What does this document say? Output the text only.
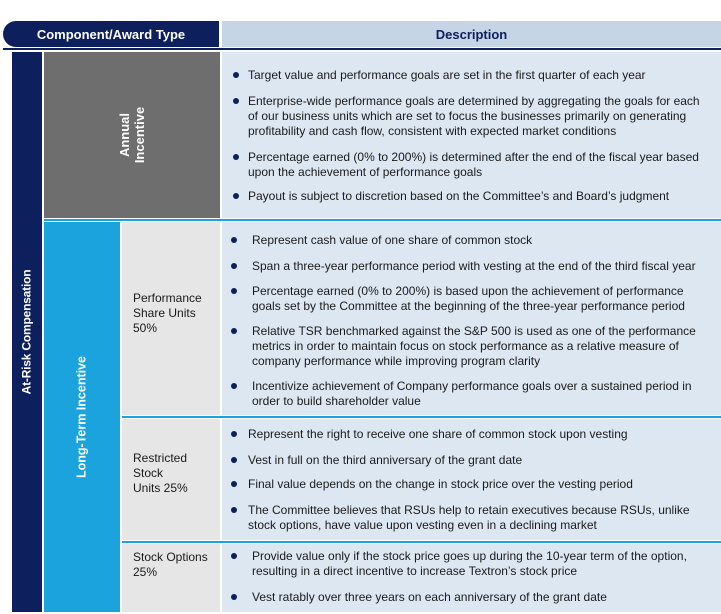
Component/Award Type	Description
At-Risk Compensation
Annual
Incentive
Long-Term Incentive
Performance
Share Units
50%
Restricted Stock
Units 25%
Stock Options
25%
Target value and performance goals are set in the first quarter of each year
Enterprise-wide performance goals are determined by aggregating the goals for each of our business units which are set to focus the businesses primarily on generating profitability and cash flow, consistent with expected market conditions
Percentage earned (0% to 200%) is determined after the end of the fiscal year based upon the achievement of performance goals
Payout is subject to discretion based on the Committee’s and Board’s judgment
Represent cash value of one share of common stock
Span a three-year performance period with vesting at the end of the third fiscal year
Percentage earned (0% to 200%) is based upon the achievement of performance goals set by the Committee at the beginning of the three-year performance period
Relative TSR benchmarked against the S&P 500 is used as one of the performance metrics in order to maintain focus on stock performance as a relative measure of company performance while improving program clarity
Incentivize achievement of Company performance goals over a sustained period in order to build shareholder value
Represent the right to receive one share of common stock upon vesting
Vest in full on the third anniversary of the grant date
Final value depends on the change in stock price over the vesting period
The Committee believes that RSUs help to retain executives because RSUs, unlike stock options, have value upon vesting even in a declining market
Provide value only if the stock price goes up during the 10-year term of the option, resulting in a direct incentive to increase Textron’s stock price
Vest ratably over three years on each anniversary of the grant date
